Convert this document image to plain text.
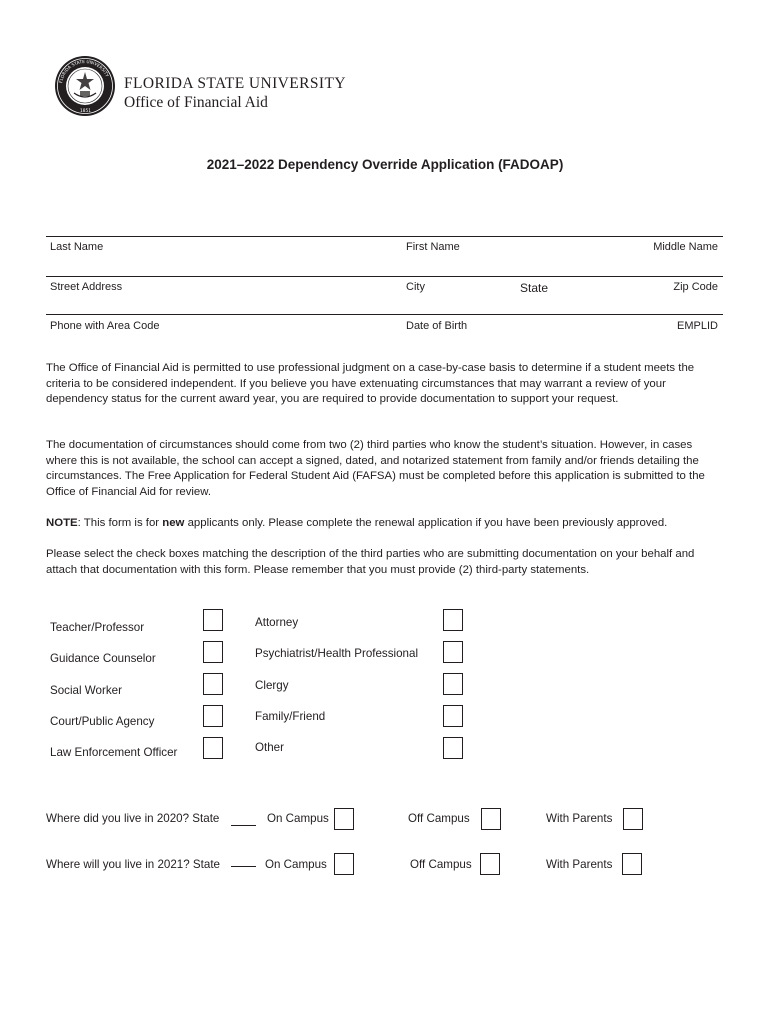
FLORIDA STATE UNIVERSITY
1851
FLORIDA STATE UNIVERSITY
Office of Financial Aid
2021–2022 Dependency Override Application (FADOAP)
Last Name	First Name	Middle Name
Street Address	City	State	Zip Code
Phone with Area Code	Date of Birth	EMPLID

The Office of Financial Aid is permitted to use professional judgment on a case-by-case basis to determine if a student meets the criteria to be considered independent. If you believe you have extenuating circumstances that may warrant a review of your dependency status for the current award year, you are required to provide documentation to support your request.

The documentation of circumstances should come from two (2) third parties who know the student’s situation. However, in cases where this is not available, the school can accept a signed, dated, and notarized statement from family and/or friends detailing the circumstances. The Free Application for Federal Student Aid (FAFSA) must be completed before this application is submitted to the Office of Financial Aid for review.

NOTE: This form is for new applicants only. Please complete the renewal application if you have been previously approved.

Please select the check boxes matching the description of the third parties who are submitting documentation on your behalf and attach that documentation with this form. Please remember that you must provide (2) third-party statements.

Teacher/Professor
Guidance Counselor
Social Worker
Court/Public Agency
Law Enforcement Officer
Attorney
Psychiatrist/Health Professional
Clergy
Family/Friend
Other
Where did you live in 2020? State	On Campus	Off Campus	With Parents
Where will you live in 2021? State	On Campus	Off Campus	With Parents
